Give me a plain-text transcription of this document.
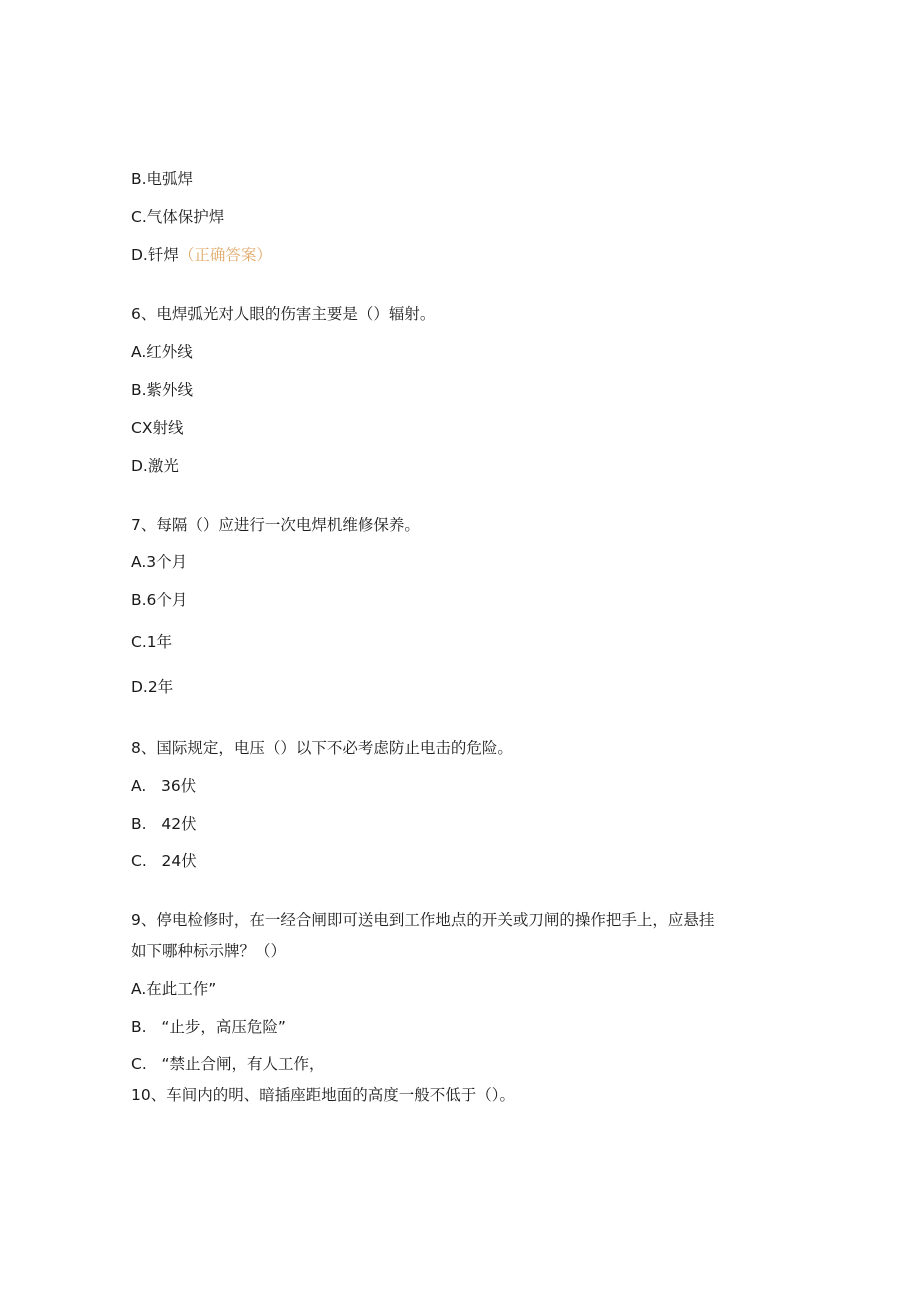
B.电弧焊
C.气体保护焊
D.钎焊（正确答案）
6、电焊弧光对人眼的伤害主要是（）辐射。
A.红外线
B.紫外线
CX射线
D.激光
7、每隔（）应进行一次电焊机维修保养。
A.3个月
B.6个月
C.1年
D.2年
8、国际规定，电压（）以下不必考虑防止电击的危险。
A.   36伏
B.   42伏
C.   24伏
9、停电检修时，在一经合闸即可送电到工作地点的开关或刀闸的操作把手上，应悬挂
如下哪种标示牌？（）
A.在此工作”
B.   “止步，高压危险”
C.   “禁止合闸，有人工作，
10、车间内的明、暗插座距地面的高度一般不低于（）。
